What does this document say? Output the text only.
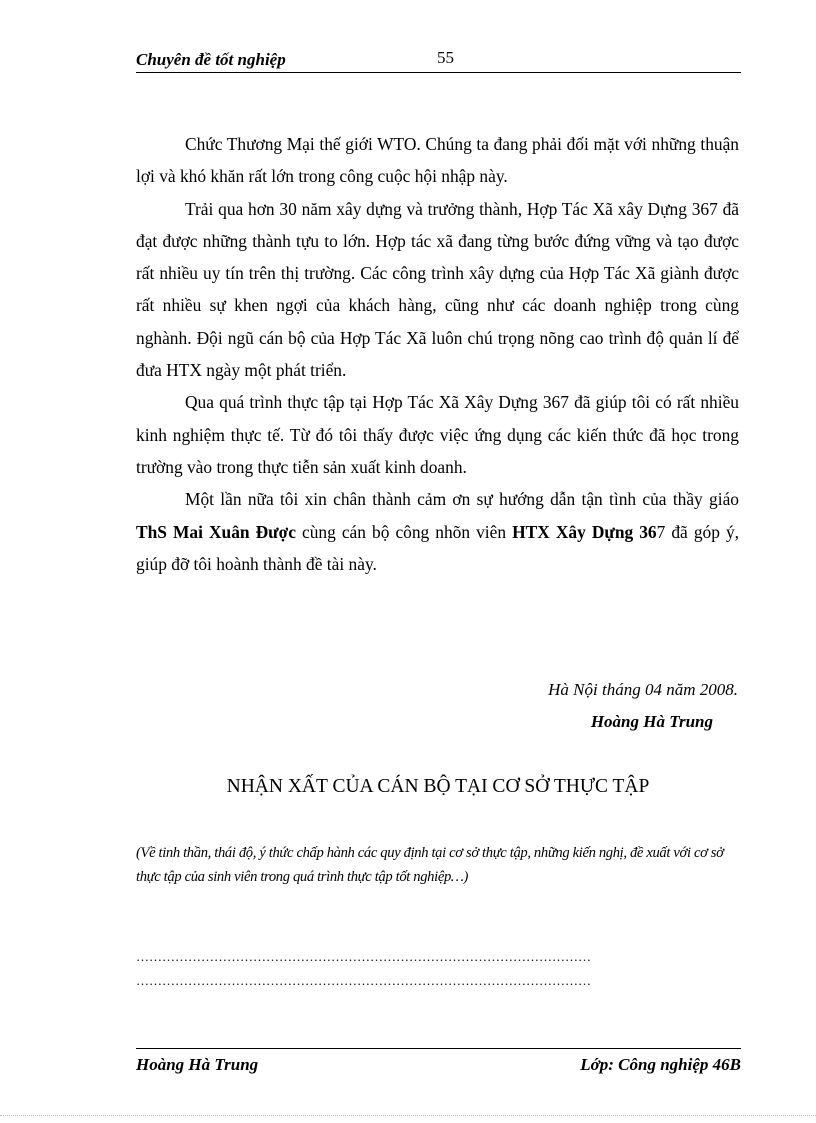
Chuyên đề tốt nghiệp	55

Chức Thương Mại thế giới WTO. Chúng ta đang phải đối mặt với những thuận lợi và khó khăn rất lớn trong công cuộc hội nhập này.

Trải qua hơn 30 năm xây dựng và trưởng thành, Hợp Tác Xã xây Dựng 367 đã đạt được những thành tựu to lớn. Hợp tác xã đang từng bước đứng vững và tạo được rất nhiều uy tín trên thị trường. Các công trình xây dựng của Hợp Tác Xã giành được rất nhiều sự khen ngợi của khách hàng, cũng như các doanh nghiệp trong cùng nghành. Đội ngũ cán bộ của Hợp Tác Xã luôn chú trọng nõng cao trình độ quản lí để đưa HTX ngày một phát triển.

Qua quá trình thực tập tại Hợp Tác Xã Xây Dựng 367 đã giúp tôi có rất nhiều kinh nghiệm thực tế. Từ đó tôi thấy được việc ứng dụng các kiến thức đã học trong trường vào trong thực tiễn sản xuất kinh doanh.

Một lần nữa tôi xin chân thành cảm ơn sự hướng dẫn tận tình của thầy giáo ThS Mai Xuân Được cùng cán bộ công nhõn viên HTX Xây Dựng 367 đã góp ý, giúp đỡ tôi hoành thành đề tài này.

Hà Nội tháng 04 năm 2008.
Hoàng Hà Trung
NHẬN XẤT CỦA CÁN BỘ TẠI CƠ SỞ THỰC TẬP
(Về tinh thần, thái độ, ý thức chấp hành các quy định tại cơ sở thực tập, những kiến nghị, đề xuất với cơ sở thực tập của sinh viên trong quá trình thực tập tốt nghiệp…)
……………………………………………………………………………………………
……………………………………………………………………………………………
Hoàng Hà Trung	Lớp: Công nghiệp 46B
